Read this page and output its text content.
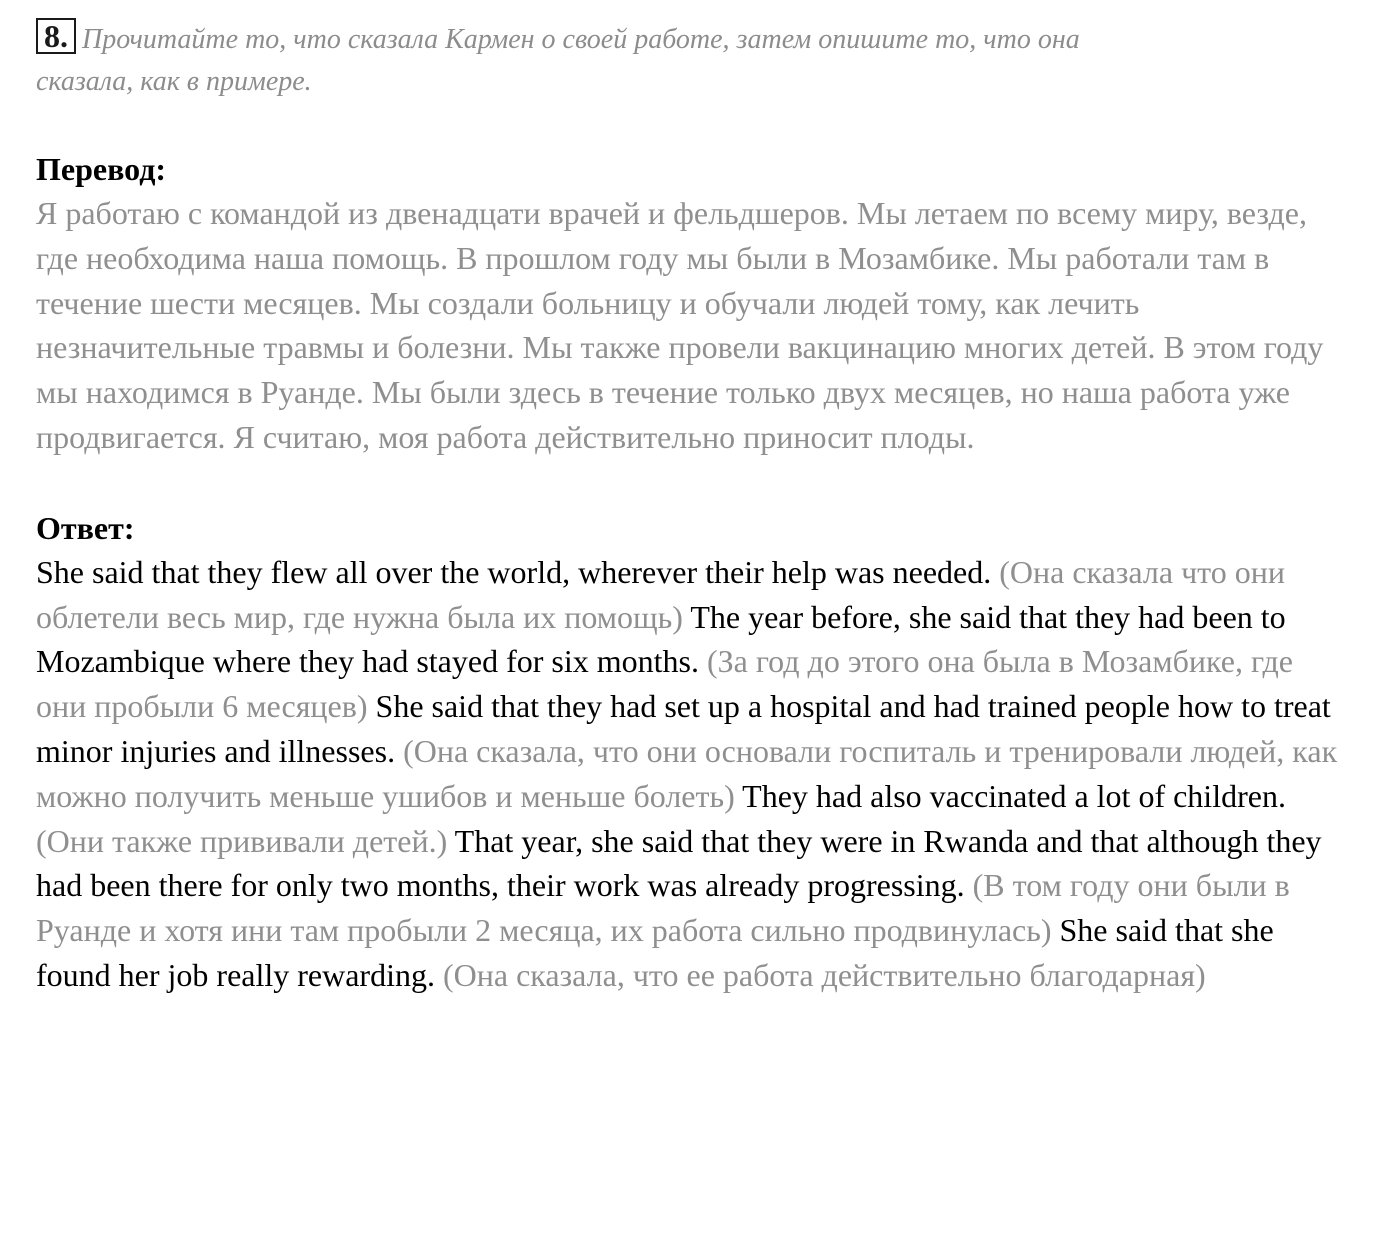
8. Прочитайте то, что сказала Кармен о своей работе, затем опишите то, что она
сказала, как в примере.
Перевод:

Я работаю с командой из двенадцати врачей и фельдшеров. Мы летаем по всему миру, везде, где необходима наша помощь. В прошлом году мы были в Мозамбике. Мы работали там в течение шести месяцев. Мы создали больницу и обучали людей тому, как лечить незначительные травмы и болезни. Мы также провели вакцинацию многих детей. В этом году мы находимся в Руанде. Мы были здесь в течение только двух месяцев, но наша работа уже продвигается. Я считаю, моя работа действительно приносит плоды.

Ответ:

She said that they flew all over the world, wherever their help was needed. (Она сказала что они облетели весь мир, где нужна была их помощь) The year before, she said that they had been to Mozambique where they had stayed for six months. (За год до этого она была в Мозамбике, где они пробыли 6 месяцев) She said that they had set up a hospital and had trained people how to treat minor injuries and illnesses. (Она сказала, что они основали госпиталь и тренировали людей, как можно получить меньше ушибов и меньше болеть) They had also vaccinated a lot of children. (Они также прививали детей.) That year, she said that they were in Rwanda and that although they had been there for only two months, their work was already progressing. (В том году они были в Руанде и хотя ини там пробыли 2 месяца, их работа сильно продвинулась) She said that she found her job really rewarding. (Она сказала, что ее работа действительно благодарная)
